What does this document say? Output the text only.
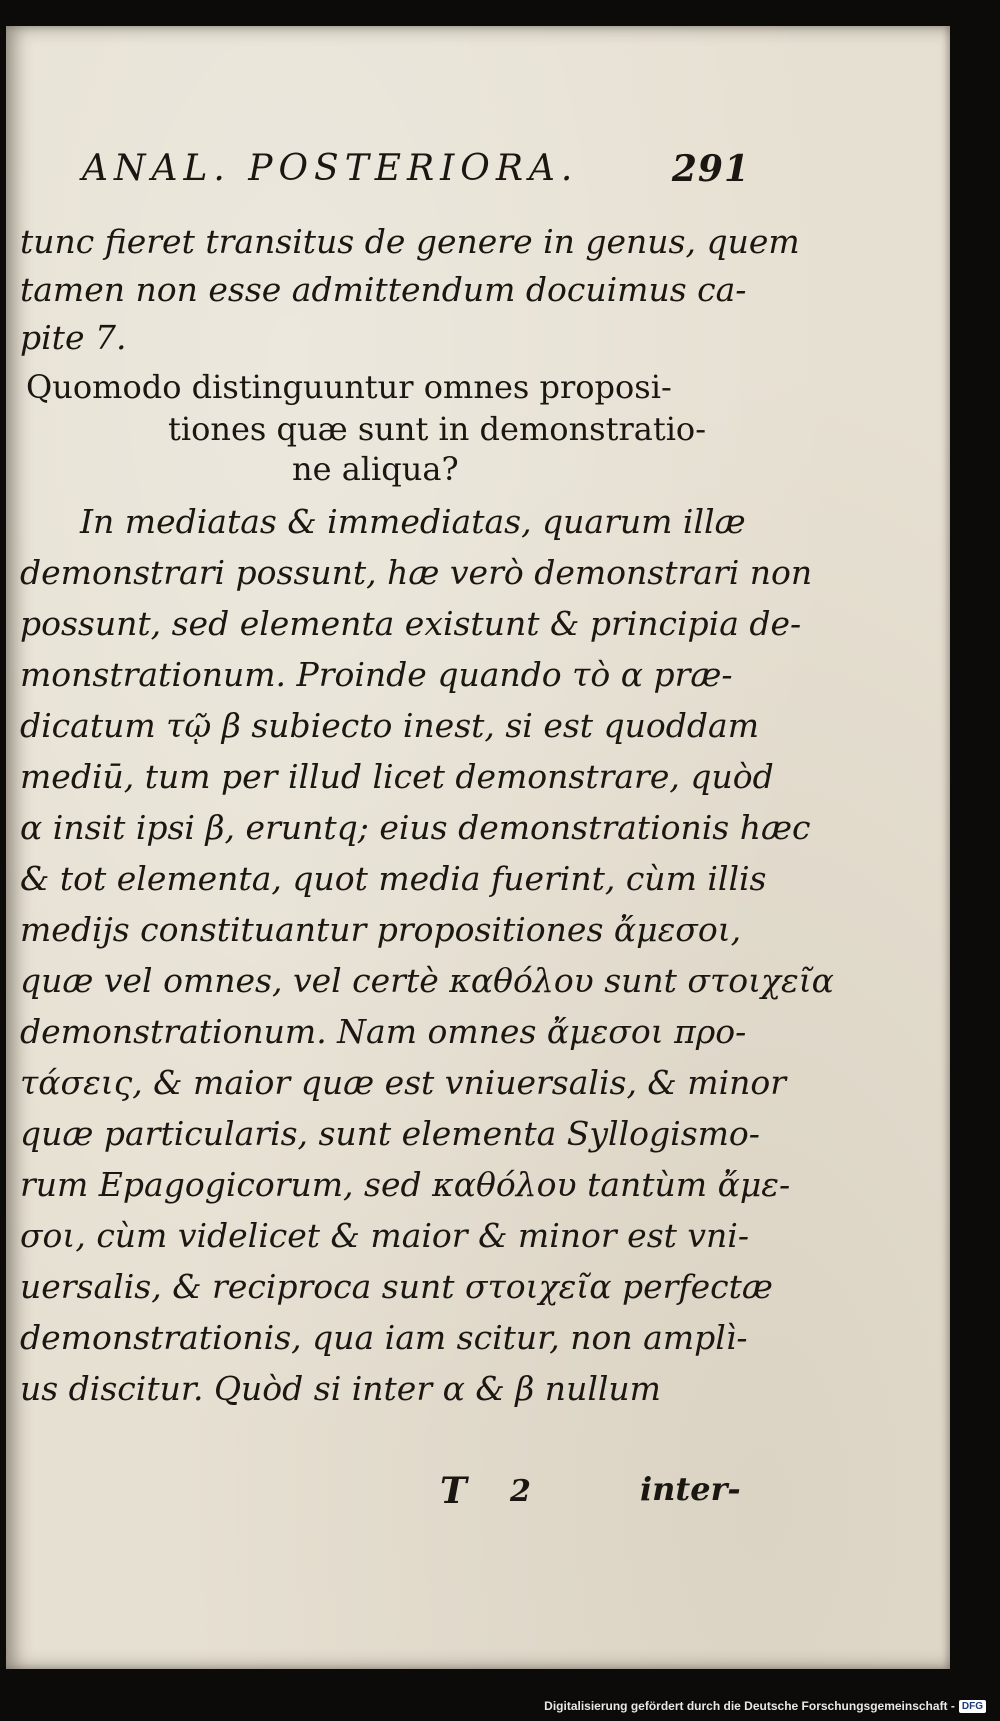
ANAL. POSTERIORA.	291
tunc fieret transitus de genere in genus, quem
tamen non esse admittendum docuimus ca-
pite 7.
Quomodo distinguuntur omnes proposi-
tiones quæ sunt in demonstratio-
ne aliqua?
In mediatas & immediatas, quarum illæ
demonstrari possunt, hæ verò demonstrari non
possunt, sed elementa existunt & principia de-
monstrationum. Proinde quando τὸ α præ-
dicatum τῷ β subiecto inest, si est quoddam
mediū, tum per illud licet demonstrare, quòd
α insit ipsi β, eruntq; eius demonstrationis hæc
& tot elementa, quot media fuerint, cùm illis
medijs constituantur propositiones ἄμεσοι,
quæ vel omnes, vel certè καθόλου sunt στοιχεῖα
demonstrationum. Nam omnes ἄμεσοι προ-
τάσεις, & maior quæ est vniuersalis, & minor
quæ particularis, sunt elementa Syllogismo-
rum Epagogicorum, sed καθόλου tantùm ἄμε-
σοι, cùm videlicet & maior & minor est vni-
uersalis, & reciproca sunt στοιχεῖα perfectæ
demonstrationis, qua iam scitur, non amplì-
us discitur. Quòd si inter α & β nullum
T 2	inter-
Digitalisierung gefördert durch die Deutsche Forschungsgemeinschaft - DFG
